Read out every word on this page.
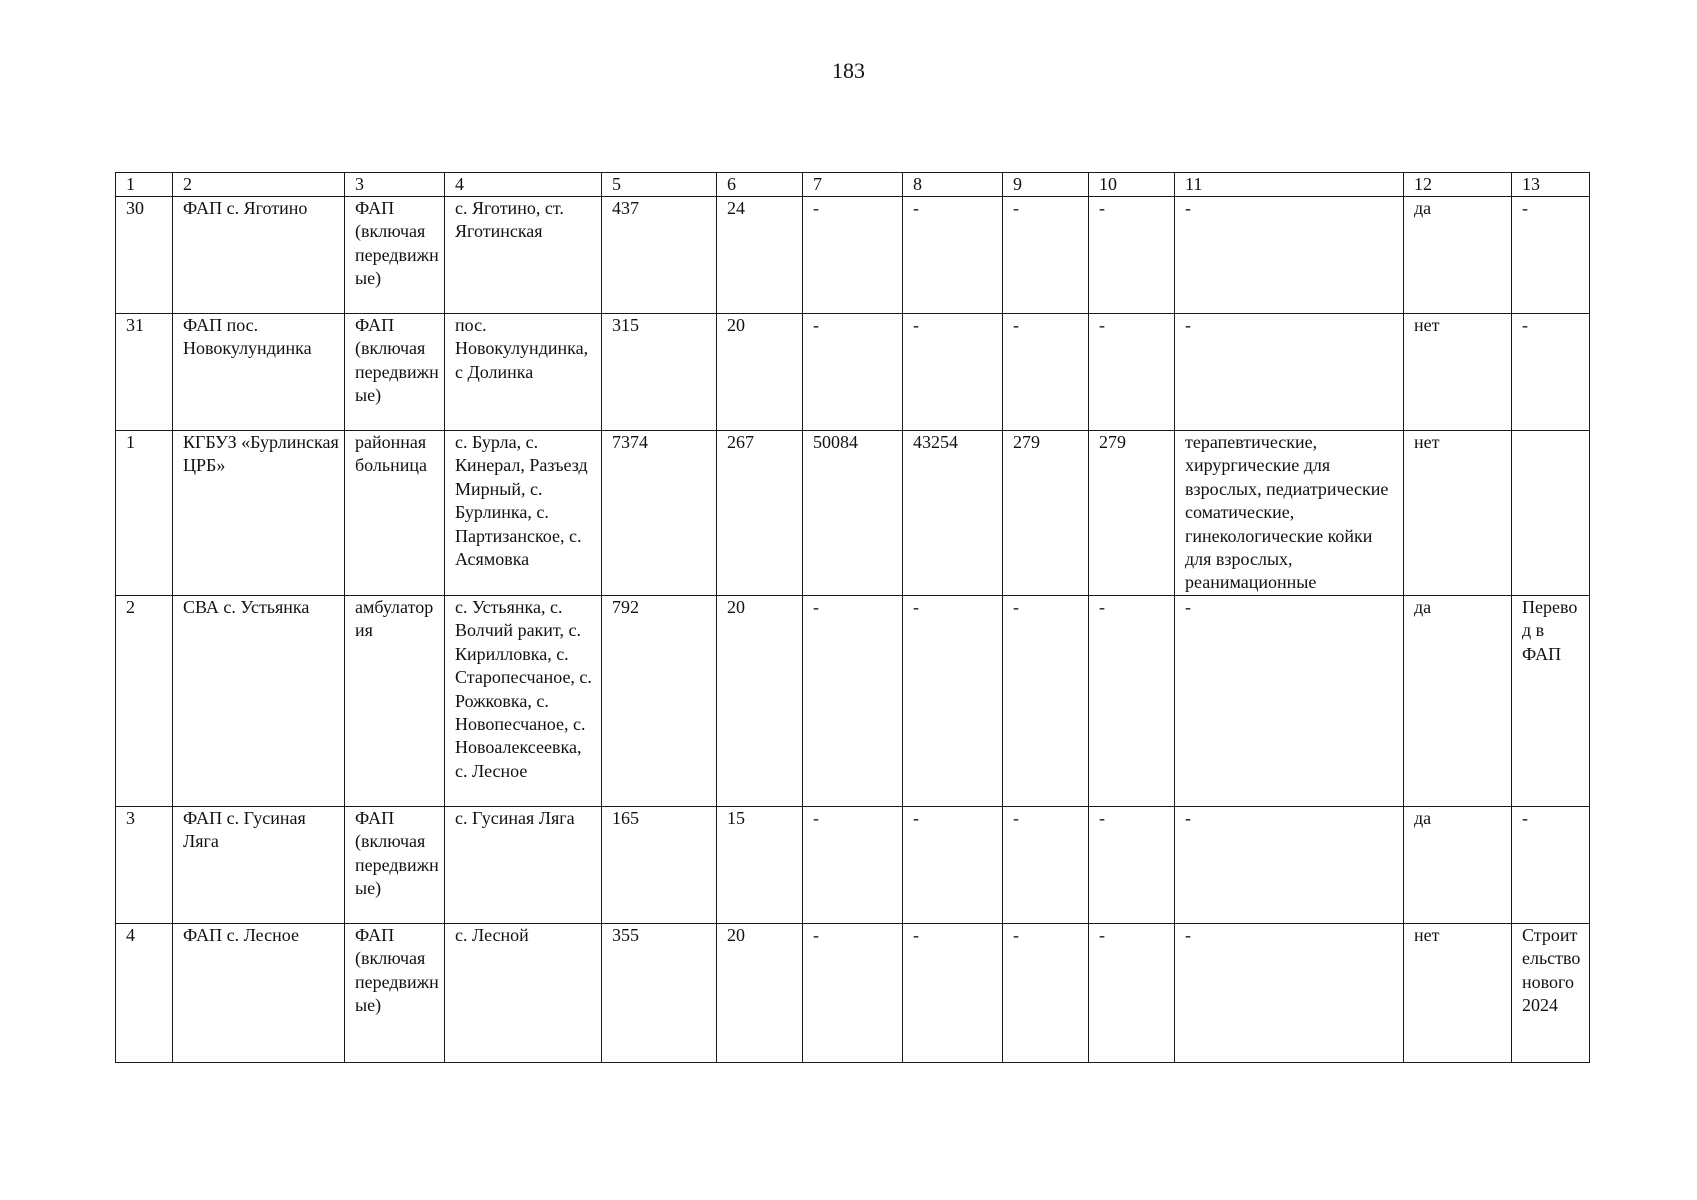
183
1	2	3	4	5	6	7	8	9	10	11	12	13
30	ФАП с. Яготино	ФАП (включая передвижные)	с. Яготино, ст. Яготинская	437	24	-	-	-	-	-	да	-
31	ФАП пос. Новокулундинка	ФАП (включая передвижные)	пос. Новокулундинка, с Долинка	315	20	-	-	-	-	-	нет	-
1	КГБУЗ «Бурлинская ЦРБ»	районная больница	с. Бурла, с. Кинерал, Разъезд Мирный, с. Бурлинка, с. Партизанское, с. Асямовка	7374	267	50084	43254	279	279	терапевтические, хирургические для взрослых, педиатрические соматические, гинекологические койки для взрослых, реанимационные	нет	
2	СВА с. Устьянка	амбулатория	с. Устьянка, с. Волчий ракит, с. Кирилловка, с. Старопесчаное, с. Рожковка, с. Новопесчаное, с. Новоалексеевка, с. Лесное	792	20	-	-	-	-	-	да	Перевод в ФАП
3	ФАП с. Гусиная Ляга	ФАП (включая передвижные)	с. Гусиная Ляга	165	15	-	-	-	-	-	да	-
4	ФАП с. Лесное	ФАП (включая передвижные)	с. Лесной	355	20	-	-	-	-	-	нет	Строительство нового 2024
